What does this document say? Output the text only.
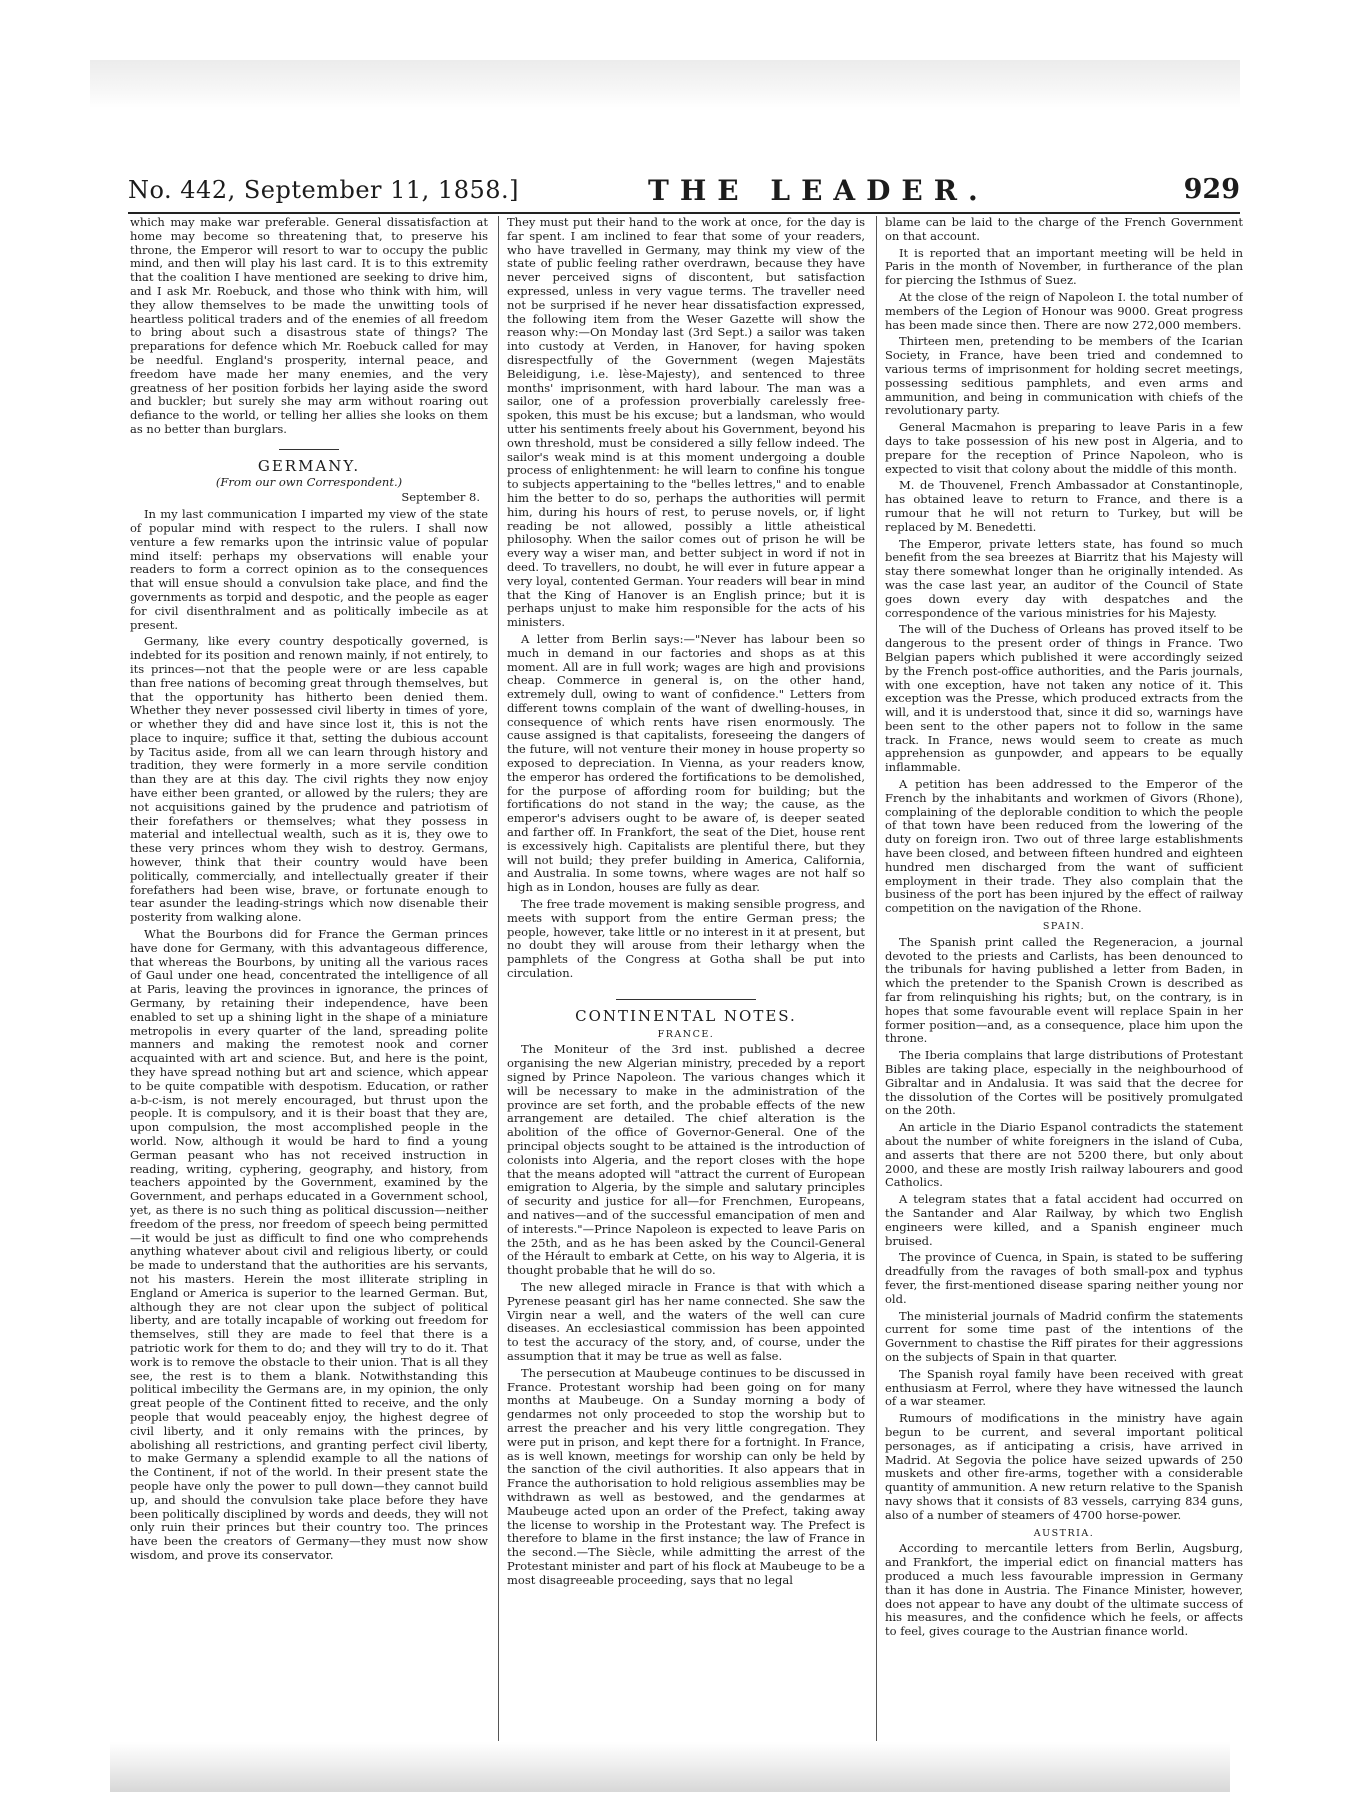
No. 442, September 11, 1858.]	THE LEADER.	929

which may make war preferable. General dissatisfaction at home may become so threatening that, to preserve his throne, the Emperor will resort to war to occupy the public mind, and then will play his last card. It is to this extremity that the coalition I have mentioned are seeking to drive him, and I ask Mr. Roebuck, and those who think with him, will they allow themselves to be made the unwitting tools of heartless political traders and of the enemies of all freedom to bring about such a disastrous state of things? The preparations for defence which Mr. Roebuck called for may be needful. England's prosperity, internal peace, and freedom have made her many enemies, and the very greatness of her position forbids her laying aside the sword and buckler; but surely she may arm without roaring out defiance to the world, or telling her allies she looks on them as no better than burglars.

GERMANY.
(From our own Correspondent.)
September 8.

In my last communication I imparted my view of the state of popular mind with respect to the rulers. I shall now venture a few remarks upon the intrinsic value of popular mind itself: perhaps my observations will enable your readers to form a correct opinion as to the consequences that will ensue should a convulsion take place, and find the governments as torpid and despotic, and the people as eager for civil disenthralment and as politically imbecile as at present.

Germany, like every country despotically governed, is indebted for its position and renown mainly, if not entirely, to its princes—not that the people were or are less capable than free nations of becoming great through themselves, but that the opportunity has hitherto been denied them. Whether they never possessed civil liberty in times of yore, or whether they did and have since lost it, this is not the place to inquire; suffice it that, setting the dubious account by Tacitus aside, from all we can learn through history and tradition, they were formerly in a more servile condition than they are at this day. The civil rights they now enjoy have either been granted, or allowed by the rulers; they are not acquisitions gained by the prudence and patriotism of their forefathers or themselves; what they possess in material and intellectual wealth, such as it is, they owe to these very princes whom they wish to destroy. Germans, however, think that their country would have been politically, commercially, and intellectually greater if their forefathers had been wise, brave, or fortunate enough to tear asunder the leading-strings which now disenable their posterity from walking alone.

What the Bourbons did for France the German princes have done for Germany, with this advantageous difference, that whereas the Bourbons, by uniting all the various races of Gaul under one head, concentrated the intelligence of all at Paris, leaving the provinces in ignorance, the princes of Germany, by retaining their independence, have been enabled to set up a shining light in the shape of a miniature metropolis in every quarter of the land, spreading polite manners and making the remotest nook and corner acquainted with art and science. But, and here is the point, they have spread nothing but art and science, which appear to be quite compatible with despotism. Education, or rather a-b-c-ism, is not merely encouraged, but thrust upon the people. It is compulsory, and it is their boast that they are, upon compulsion, the most accomplished people in the world. Now, although it would be hard to find a young German peasant who has not received instruction in reading, writing, cyphering, geography, and history, from teachers appointed by the Government, examined by the Government, and perhaps educated in a Government school, yet, as there is no such thing as political discussion—neither freedom of the press, nor freedom of speech being permitted—it would be just as difficult to find one who comprehends anything whatever about civil and religious liberty, or could be made to understand that the authorities are his servants, not his masters. Herein the most illiterate stripling in England or America is superior to the learned German. But, although they are not clear upon the subject of political liberty, and are totally incapable of working out freedom for themselves, still they are made to feel that there is a patriotic work for them to do; and they will try to do it. That work is to remove the obstacle to their union. That is all they see, the rest is to them a blank. Notwithstanding this political imbecility the Germans are, in my opinion, the only great people of the Continent fitted to receive, and the only people that would peaceably enjoy, the highest degree of civil liberty, and it only remains with the princes, by abolishing all restrictions, and granting perfect civil liberty, to make Germany a splendid example to all the nations of the Continent, if not of the world. In their present state the people have only the power to pull down—they cannot build up, and should the convulsion take place before they have been politically disciplined by words and deeds, they will not only ruin their princes but their country too. The princes have been the creators of Germany—they must now show wisdom, and prove its conservator.

They must put their hand to the work at once, for the day is far spent. I am inclined to fear that some of your readers, who have travelled in Germany, may think my view of the state of public feeling rather overdrawn, because they have never perceived signs of discontent, but satisfaction expressed, unless in very vague terms. The traveller need not be surprised if he never hear dissatisfaction expressed, the following item from the Weser Gazette will show the reason why:—On Monday last (3rd Sept.) a sailor was taken into custody at Verden, in Hanover, for having spoken disrespectfully of the Government (wegen Majestäts Beleidigung, i.e. lèse-Majesty), and sentenced to three months' imprisonment, with hard labour. The man was a sailor, one of a profession proverbially carelessly free-spoken, this must be his excuse; but a landsman, who would utter his sentiments freely about his Government, beyond his own threshold, must be considered a silly fellow indeed. The sailor's weak mind is at this moment undergoing a double process of enlightenment: he will learn to confine his tongue to subjects appertaining to the "belles lettres," and to enable him the better to do so, perhaps the authorities will permit him, during his hours of rest, to peruse novels, or, if light reading be not allowed, possibly a little atheistical philosophy. When the sailor comes out of prison he will be every way a wiser man, and better subject in word if not in deed. To travellers, no doubt, he will ever in future appear a very loyal, contented German. Your readers will bear in mind that the King of Hanover is an English prince; but it is perhaps unjust to make him responsible for the acts of his ministers.

A letter from Berlin says:—"Never has labour been so much in demand in our factories and shops as at this moment. All are in full work; wages are high and provisions cheap. Commerce in general is, on the other hand, extremely dull, owing to want of confidence." Letters from different towns complain of the want of dwelling-houses, in consequence of which rents have risen enormously. The cause assigned is that capitalists, foreseeing the dangers of the future, will not venture their money in house property so exposed to depreciation. In Vienna, as your readers know, the emperor has ordered the fortifications to be demolished, for the purpose of affording room for building; but the fortifications do not stand in the way; the cause, as the emperor's advisers ought to be aware of, is deeper seated and farther off. In Frankfort, the seat of the Diet, house rent is excessively high. Capitalists are plentiful there, but they will not build; they prefer building in America, California, and Australia. In some towns, where wages are not half so high as in London, houses are fully as dear.

The free trade movement is making sensible progress, and meets with support from the entire German press; the people, however, take little or no interest in it at present, but no doubt they will arouse from their lethargy when the pamphlets of the Congress at Gotha shall be put into circulation.

CONTINENTAL NOTES.
FRANCE.

The Moniteur of the 3rd inst. published a decree organising the new Algerian ministry, preceded by a report signed by Prince Napoleon. The various changes which it will be necessary to make in the administration of the province are set forth, and the probable effects of the new arrangement are detailed. The chief alteration is the abolition of the office of Governor-General. One of the principal objects sought to be attained is the introduction of colonists into Algeria, and the report closes with the hope that the means adopted will "attract the current of European emigration to Algeria, by the simple and salutary principles of security and justice for all—for Frenchmen, Europeans, and natives—and of the successful emancipation of men and of interests."—Prince Napoleon is expected to leave Paris on the 25th, and as he has been asked by the Council-General of the Hérault to embark at Cette, on his way to Algeria, it is thought probable that he will do so.

The new alleged miracle in France is that with which a Pyrenese peasant girl has her name connected. She saw the Virgin near a well, and the waters of the well can cure diseases. An ecclesiastical commission has been appointed to test the accuracy of the story, and, of course, under the assumption that it may be true as well as false.

The persecution at Maubeuge continues to be discussed in France. Protestant worship had been going on for many months at Maubeuge. On a Sunday morning a body of gendarmes not only proceeded to stop the worship but to arrest the preacher and his very little congregation. They were put in prison, and kept there for a fortnight. In France, as is well known, meetings for worship can only be held by the sanction of the civil authorities. It also appears that in France the authorisation to hold religious assemblies may be withdrawn as well as bestowed, and the gendarmes at Maubeuge acted upon an order of the Prefect, taking away the license to worship in the Protestant way. The Prefect is therefore to blame in the first instance; the law of France in the second.—The Siècle, while admitting the arrest of the Protestant minister and part of his flock at Maubeuge to be a most disagreeable proceeding, says that no legal

blame can be laid to the charge of the French Government on that account.

It is reported that an important meeting will be held in Paris in the month of November, in furtherance of the plan for piercing the Isthmus of Suez.

At the close of the reign of Napoleon I. the total number of members of the Legion of Honour was 9000. Great progress has been made since then. There are now 272,000 members.

Thirteen men, pretending to be members of the Icarian Society, in France, have been tried and condemned to various terms of imprisonment for holding secret meetings, possessing seditious pamphlets, and even arms and ammunition, and being in communication with chiefs of the revolutionary party.

General Macmahon is preparing to leave Paris in a few days to take possession of his new post in Algeria, and to prepare for the reception of Prince Napoleon, who is expected to visit that colony about the middle of this month.

M. de Thouvenel, French Ambassador at Constantinople, has obtained leave to return to France, and there is a rumour that he will not return to Turkey, but will be replaced by M. Benedetti.

The Emperor, private letters state, has found so much benefit from the sea breezes at Biarritz that his Majesty will stay there somewhat longer than he originally intended. As was the case last year, an auditor of the Council of State goes down every day with despatches and the correspondence of the various ministries for his Majesty.

The will of the Duchess of Orleans has proved itself to be dangerous to the present order of things in France. Two Belgian papers which published it were accordingly seized by the French post-office authorities, and the Paris journals, with one exception, have not taken any notice of it. This exception was the Presse, which produced extracts from the will, and it is understood that, since it did so, warnings have been sent to the other papers not to follow in the same track. In France, news would seem to create as much apprehension as gunpowder, and appears to be equally inflammable.

A petition has been addressed to the Emperor of the French by the inhabitants and workmen of Givors (Rhone), complaining of the deplorable condition to which the people of that town have been reduced from the lowering of the duty on foreign iron. Two out of three large establishments have been closed, and between fifteen hundred and eighteen hundred men discharged from the want of sufficient employment in their trade. They also complain that the business of the port has been injured by the effect of railway competition on the navigation of the Rhone.

SPAIN.

The Spanish print called the Regeneracion, a journal devoted to the priests and Carlists, has been denounced to the tribunals for having published a letter from Baden, in which the pretender to the Spanish Crown is described as far from relinquishing his rights; but, on the contrary, is in hopes that some favourable event will replace Spain in her former position—and, as a consequence, place him upon the throne.

The Iberia complains that large distributions of Protestant Bibles are taking place, especially in the neighbourhood of Gibraltar and in Andalusia. It was said that the decree for the dissolution of the Cortes will be positively promulgated on the 20th.

An article in the Diario Espanol contradicts the statement about the number of white foreigners in the island of Cuba, and asserts that there are not 5200 there, but only about 2000, and these are mostly Irish railway labourers and good Catholics.

A telegram states that a fatal accident had occurred on the Santander and Alar Railway, by which two English engineers were killed, and a Spanish engineer much bruised.

The province of Cuenca, in Spain, is stated to be suffering dreadfully from the ravages of both small-pox and typhus fever, the first-mentioned disease sparing neither young nor old.

The ministerial journals of Madrid confirm the statements current for some time past of the intentions of the Government to chastise the Riff pirates for their aggressions on the subjects of Spain in that quarter.

The Spanish royal family have been received with great enthusiasm at Ferrol, where they have witnessed the launch of a war steamer.

Rumours of modifications in the ministry have again begun to be current, and several important political personages, as if anticipating a crisis, have arrived in Madrid. At Segovia the police have seized upwards of 250 muskets and other fire-arms, together with a considerable quantity of ammunition. A new return relative to the Spanish navy shows that it consists of 83 vessels, carrying 834 guns, also of a number of steamers of 4700 horse-power.

AUSTRIA.

According to mercantile letters from Berlin, Augsburg, and Frankfort, the imperial edict on financial matters has produced a much less favourable impression in Germany than it has done in Austria. The Finance Minister, however, does not appear to have any doubt of the ultimate success of his measures, and the confidence which he feels, or affects to feel, gives courage to the Austrian finance world.
